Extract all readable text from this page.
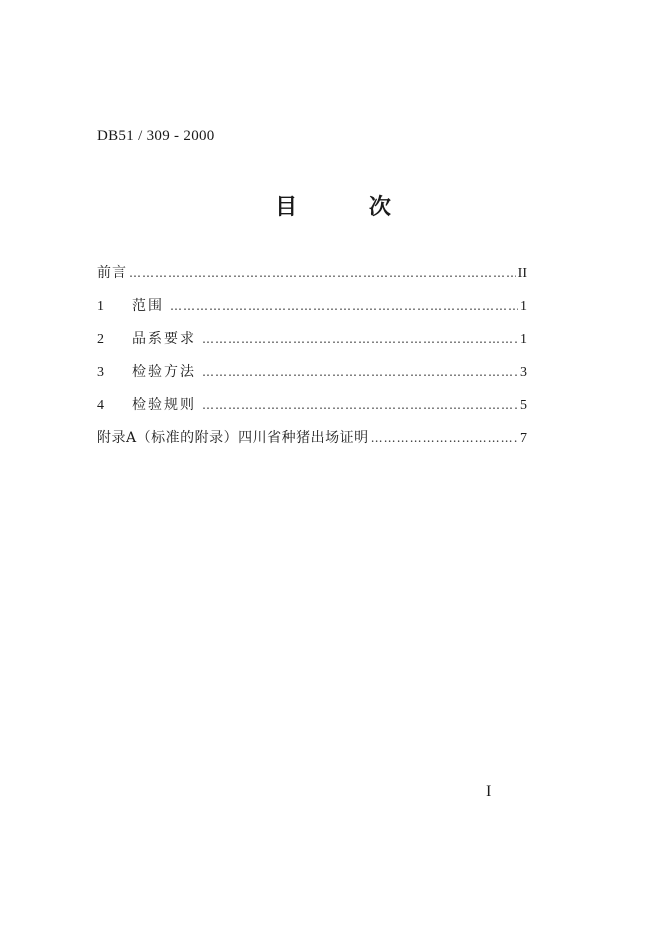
DB51 / 309 - 2000
目 次
前言 …………………………………………………………………………………………………………………………………………	II
1	范围 …………………………………………………………………………………………………………………………………………	1
2	品系要求 …………………………………………………………………………………………………………………………………………	1
3	检验方法 …………………………………………………………………………………………………………………………………………	3
4	检验规则 …………………………………………………………………………………………………………………………………………	5
附录A（标准的附录）四川省种猪出场证明 …………………………………………………………………………………………………………………………………………	7
I
